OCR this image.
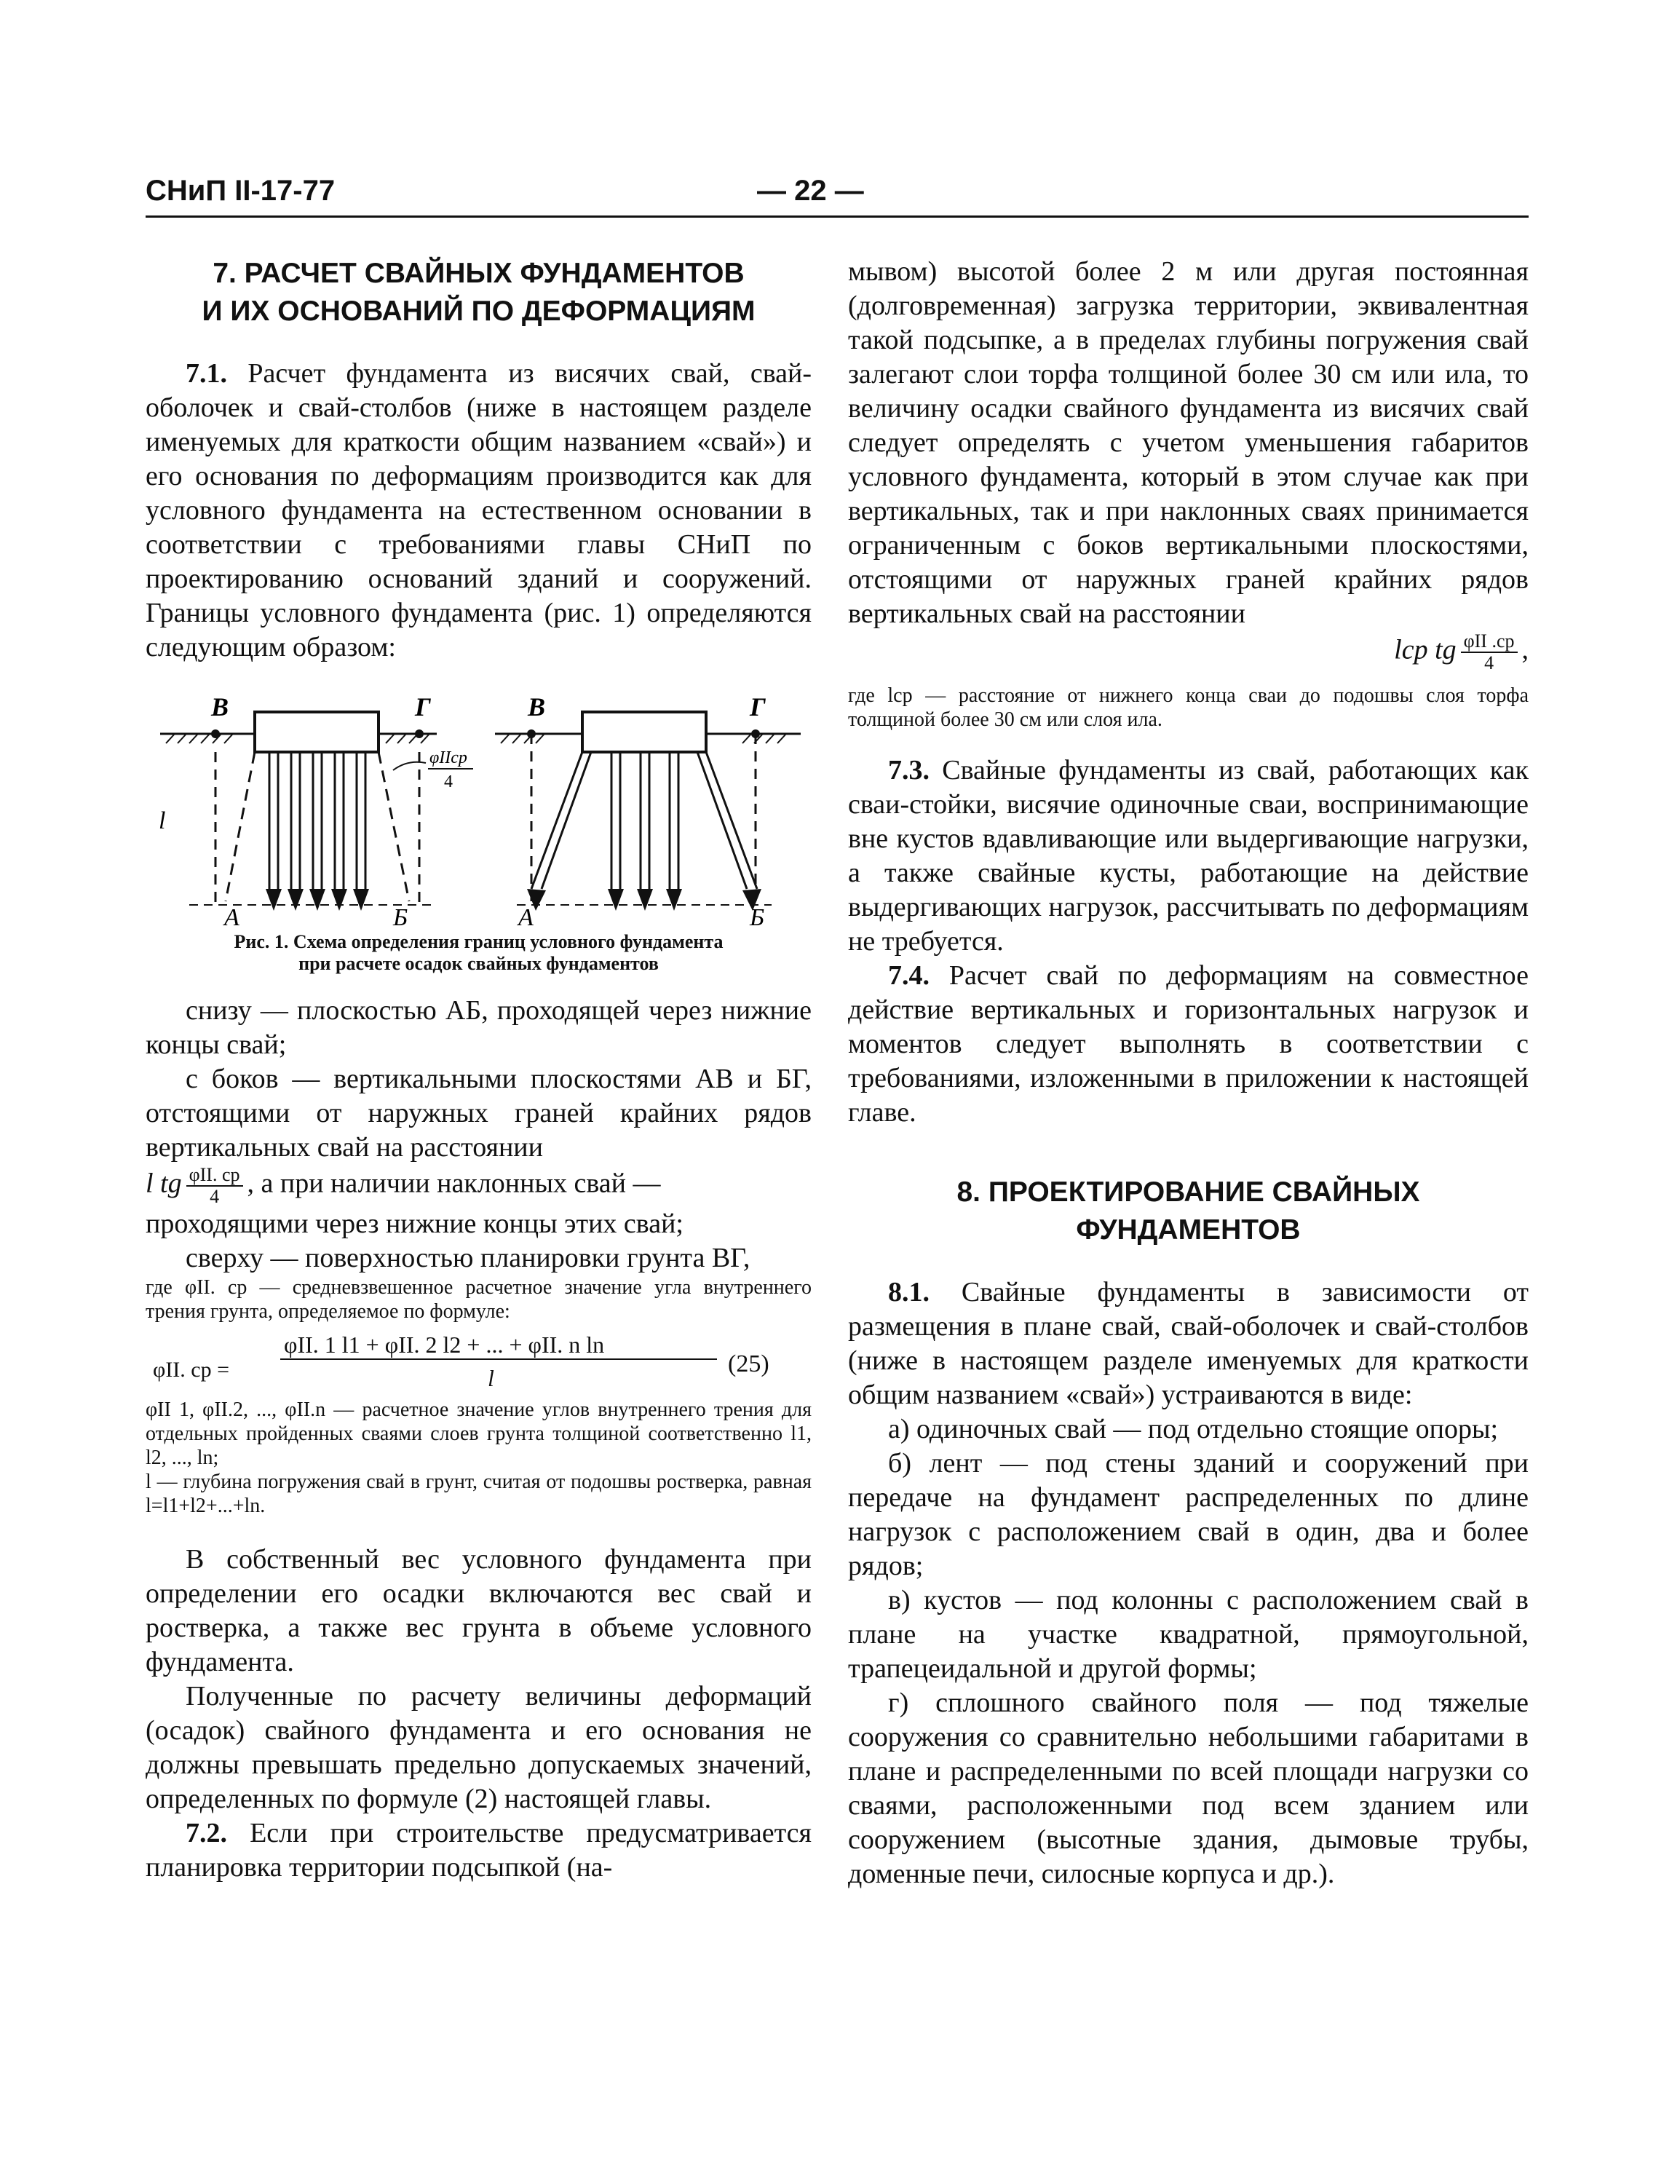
СНиП II-17-77	— 22 —
7. РАСЧЕТ СВАЙНЫХ ФУНДАМЕНТОВ
И ИХ ОСНОВАНИЙ ПО ДЕФОРМАЦИЯМ

7.1. Расчет фундамента из висячих свай, свай-оболочек и свай-столбов (ниже в настоящем разделе именуемых для краткости общим названием «свай») и его основания по деформациям производится как для условного фундамента на естественном основании в соответствии с требованиями главы СНиП по проектированию оснований зданий и сооружений. Границы условного фундамента (рис. 1) определяются следующим образом:

В	Г
А	Б
l
φIIср
4
В	Г
А	Б
Рис. 1. Схема определения границ условного фундамента
при расчете осадок свайных фундаментов

снизу — плоскостью АБ, проходящей через нижние концы свай;

с боков — вертикальными плоскостями АВ и БГ, отстоящими от наружных граней крайних рядов вертикальных свай на расстоянии

l tg $\frac{\text{φII. ср}}{4}$ , а при наличии наклонных свай —

проходящими через нижние концы этих свай;

сверху — поверхностью планировки грунта ВГ,

где φII. ср — средневзвешенное расчетное значение угла внутреннего трения грунта, определяемое по формуле:

φII. ср =
φII. 1 l1 + φII. 2 l2 + ... + φII. n ln
l
(25)

φII 1, φII.2, ..., φII.n — расчетное значение углов внутреннего трения для отдельных пройденных сваями слоев грунта толщиной соответственно l1, l2, ..., ln;

l — глубина погружения свай в грунт, считая от подошвы ростверка, равная l=l1+l2+...+ln.

В собственный вес условного фундамента при определении его осадки включаются вес свай и ростверка, а также вес грунта в объеме условного фундамента.

Полученные по расчету величины деформаций (осадок) свайного фундамента и его основания не должны превышать предельно допускаемых значений, определенных по формуле (2) настоящей главы.

7.2. Если при строительстве предусматривается планировка территории подсыпкой (на-

мывом) высотой более 2 м или другая постоянная (долговременная) загрузка территории, эквивалентная такой подсыпке, а в пределах глубины погружения свай залегают слои торфа толщиной более 30 см или ила, то величину осадки свайного фундамента из висячих свай следует определять с учетом уменьшения габаритов условного фундамента, который в этом случае как при вертикальных, так и при наклонных сваях принимается ограниченным с боков вертикальными плоскостями, отстоящими от наружных граней крайних рядов вертикальных свай на расстоянии

lср tg $\frac{\text{φII .ср}}{4}$ ,

где lср — расстояние от нижнего конца сваи до подошвы слоя торфа толщиной более 30 см или слоя ила.

7.3. Свайные фундаменты из свай, работающих как сваи-стойки, висячие одиночные сваи, воспринимающие вне кустов вдавливающие или выдергивающие нагрузки, а также свайные кусты, работающие на действие выдергивающих нагрузок, рассчитывать по деформациям не требуется.

7.4. Расчет свай по деформациям на совместное действие вертикальных и горизонтальных нагрузок и моментов следует выполнять в соответствии с требованиями, изложенными в приложении к настоящей главе.

8. ПРОЕКТИРОВАНИЕ СВАЙНЫХ
ФУНДАМЕНТОВ

8.1. Свайные фундаменты в зависимости от размещения в плане свай, свай-оболочек и свай-столбов (ниже в настоящем разделе именуемых для краткости общим названием «свай») устраиваются в виде:

а) одиночных свай — под отдельно стоящие опоры;

б) лент — под стены зданий и сооружений при передаче на фундамент распределенных по длине нагрузок с расположением свай в один, два и более рядов;

в) кустов — под колонны с расположением свай в плане на участке квадратной, прямоугольной, трапецеидальной и другой формы;

г) сплошного свайного поля — под тяжелые сооружения со сравнительно небольшими габаритами в плане и распределенными по всей площади нагрузки со сваями, расположенными под всем зданием или сооружением (высотные здания, дымовые трубы, доменные печи, силосные корпуса и др.).
